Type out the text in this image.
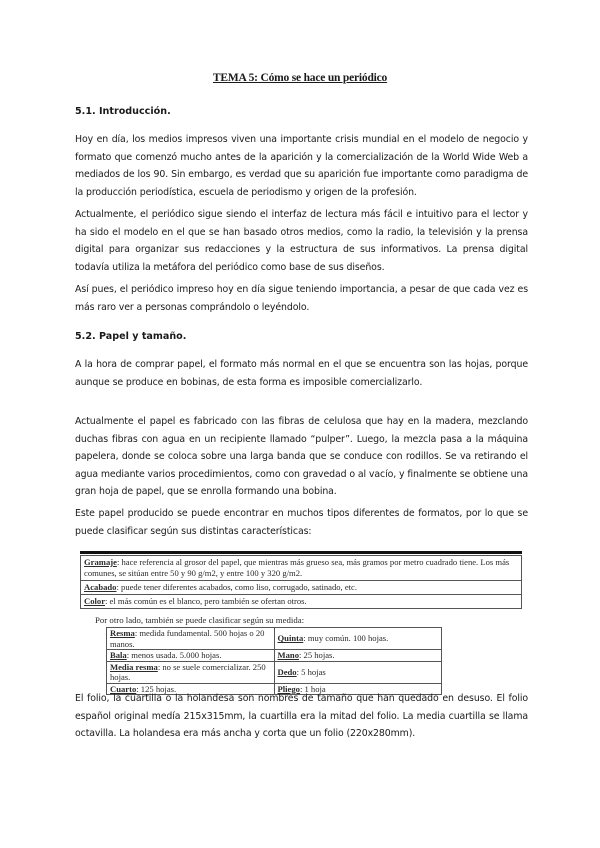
TEMA 5: Cómo se hace un periódico
5.1. Introducción.

Hoy en día, los medios impresos viven una importante crisis mundial en el modelo de negocio y formato que comenzó mucho antes de la aparición y la comercialización de la World Wide Web a mediados de los 90. Sin embargo, es verdad que su aparición fue importante como paradigma de la producción periodística, escuela de periodismo y origen de la profesión.

Actualmente, el periódico sigue siendo el interfaz de lectura más fácil e intuitivo para el lector y ha sido el modelo en el que se han basado otros medios, como la radio, la televisión y la prensa digital para organizar sus redacciones y la estructura de sus informativos. La prensa digital todavía utiliza la metáfora del periódico como base de sus diseños.

Así pues, el periódico impreso hoy en día sigue teniendo importancia, a pesar de que cada vez es más raro ver a personas comprándolo o leyéndolo.

5.2. Papel y tamaño.

A la hora de comprar papel, el formato más normal en el que se encuentra son las hojas, porque aunque se produce en bobinas, de esta forma es imposible comercializarlo.

Actualmente el papel es fabricado con las fibras de celulosa que hay en la madera, mezclando duchas fibras con agua en un recipiente llamado “pulper”. Luego, la mezcla pasa a la máquina papelera, donde se coloca sobre una larga banda que se conduce con rodillos. Se va retirando el agua mediante varios procedimientos, como con gravedad o al vacío, y finalmente se obtiene una gran hoja de papel, que se enrolla formando una bobina.

Este papel producido se puede encontrar en muchos tipos diferentes de formatos, por lo que se puede clasificar según sus distintas características:

Gramaje: hace referencia al grosor del papel, que mientras más grueso sea, más gramos por metro cuadrado tiene. Los más comunes, se sitúan entre 50 y 90 g/m2, y entre 100 y 320 g/m2.
Acabado: puede tener diferentes acabados, como liso, corrugado, satinado, etc.
Color: el más común es el blanco, pero también se ofertan otros.
Por otro lado, también se puede clasificar según su medida:
Resma: medida fundamental. 500 hojas o 20 manos.	Quinta: muy común. 100 hojas.
Bala: menos usada. 5.000 hojas.	Mano: 25 hojas.
Media resma: no se suele comercializar. 250 hojas.	Dedo: 5 hojas
Cuarto: 125 hojas.	Pliego: 1 hoja

El folio, la cuartilla o la holandesa son nombres de tamaño que han quedado en desuso. El folio español original medía 215x315mm, la cuartilla era la mitad del folio. La media cuartilla se llama octavilla. La holandesa era más ancha y corta que un folio (220x280mm).
